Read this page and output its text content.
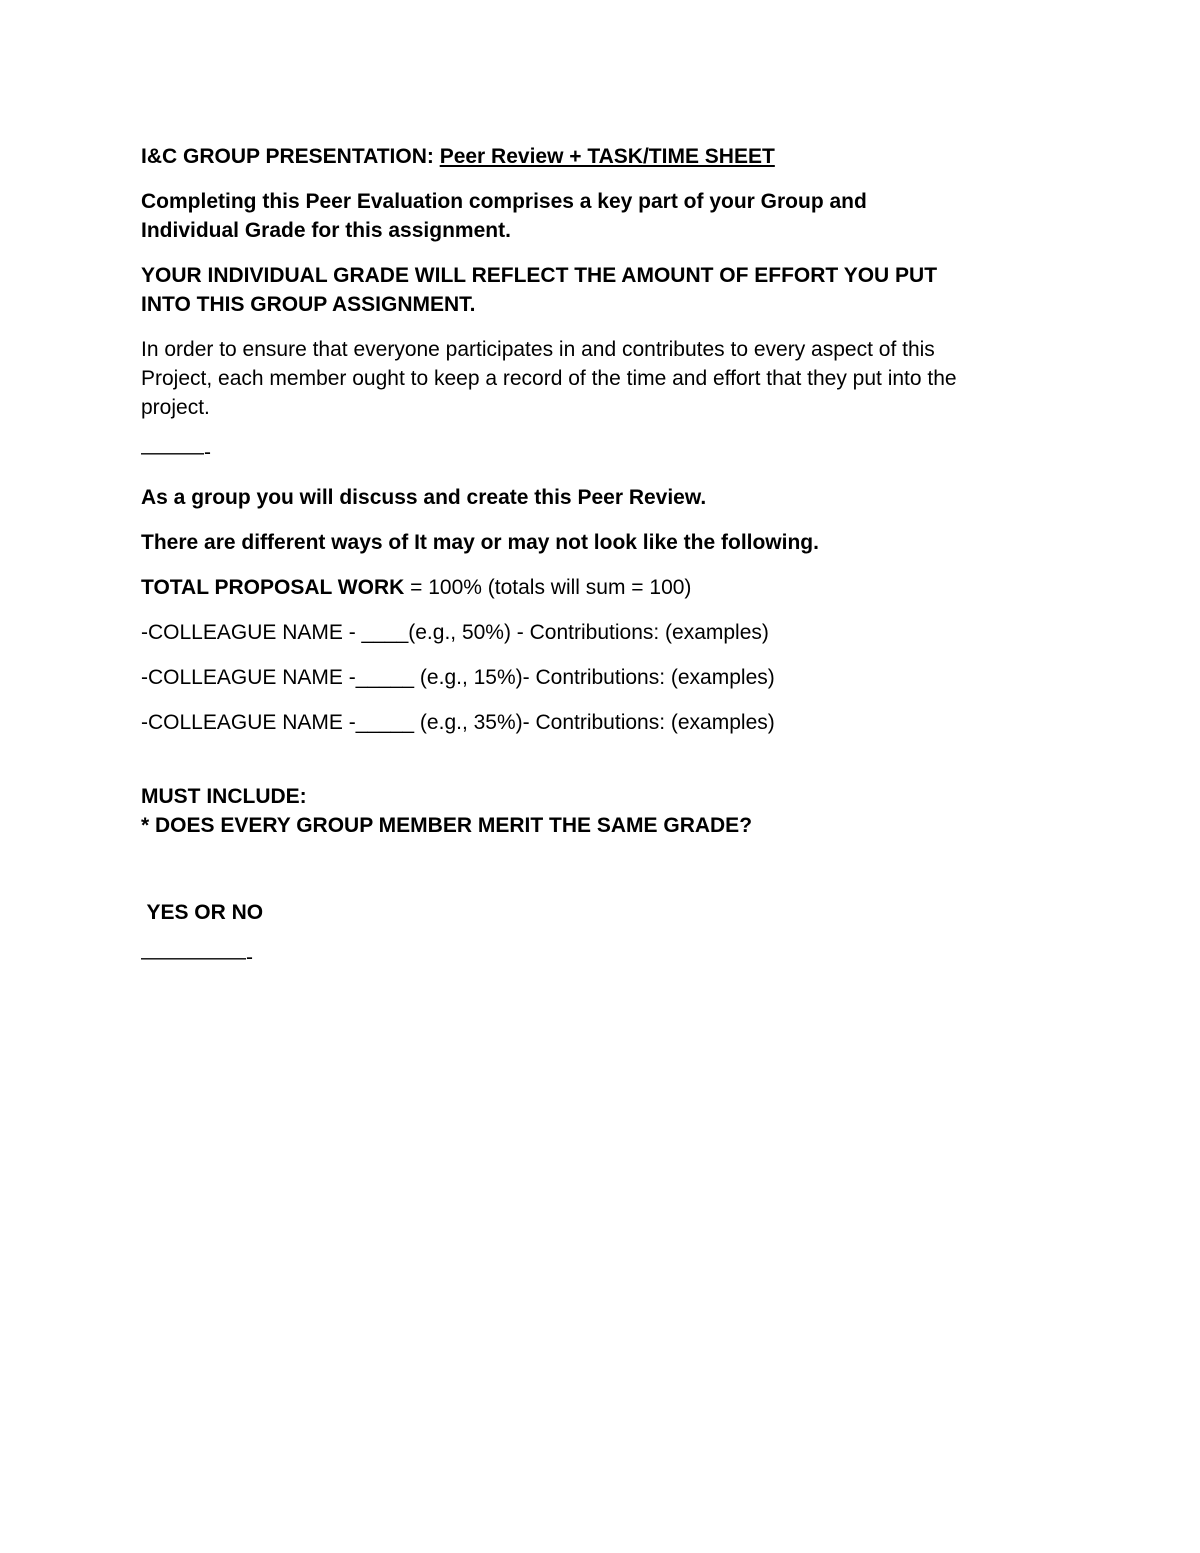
I&C GROUP PRESENTATION: Peer Review + TASK/TIME SHEET

Completing this Peer Evaluation comprises a key part of your Group and
Individual Grade for this assignment.

YOUR INDIVIDUAL GRADE WILL REFLECT THE AMOUNT OF EFFORT YOU PUT
INTO THIS GROUP ASSIGNMENT.

In order to ensure that everyone participates in and contributes to every aspect of this
Project, each member ought to keep a record of the time and effort that they put into the
project.

———-

As a group you will discuss and create this Peer Review.

There are different ways of It may or may not look like the following.

TOTAL PROPOSAL WORK = 100% (totals will sum = 100)

-COLLEAGUE NAME - ____(e.g., 50%) - Contributions: (examples)

-COLLEAGUE NAME -_____ (e.g., 15%)- Contributions: (examples)

-COLLEAGUE NAME -_____ (e.g., 35%)- Contributions: (examples)

MUST INCLUDE:
* DOES EVERY GROUP MEMBER MERIT THE SAME GRADE?

YES OR NO

—————-
